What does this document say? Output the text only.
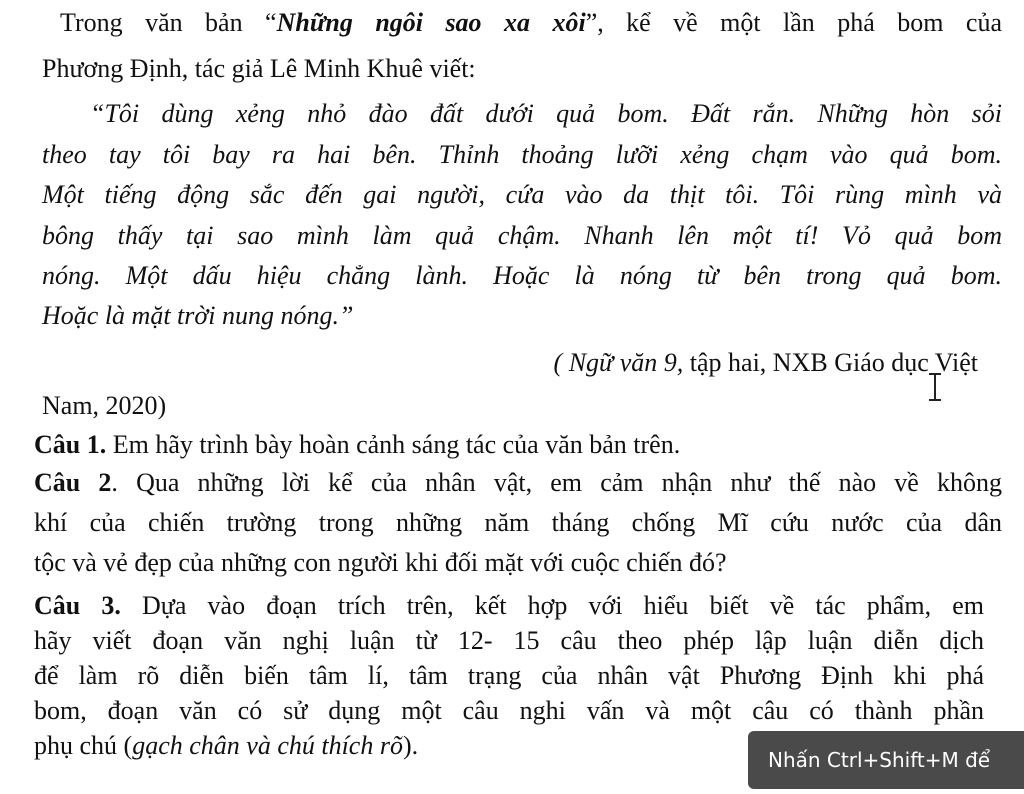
Trong văn bản “Những ngôi sao xa xôi”, kể về một lần phá bom của
Phương Định, tác giả Lê Minh Khuê viết:
“Tôi dùng xẻng nhỏ đào đất dưới quả bom. Đất rắn. Những hòn sỏi
theo tay tôi bay ra hai bên. Thỉnh thoảng lưỡi xẻng chạm vào quả bom.
Một tiếng động sắc đến gai người, cứa vào da thịt tôi. Tôi rùng mình và
bông thấy tại sao mình làm quả chậm. Nhanh lên một tí! Vỏ quả bom
nóng. Một dấu hiệu chẳng lành. Hoặc là nóng từ bên trong quả bom.
Hoặc là mặt trời nung nóng.”
( Ngữ văn 9, tập hai, NXB Giáo dục Việt
Nam, 2020)
Câu 1. Em hãy trình bày hoàn cảnh sáng tác của văn bản trên.
Câu 2. Qua những lời kể của nhân vật, em cảm nhận như thế nào về không
khí của chiến trường trong những năm tháng chống Mĩ cứu nước của dân
tộc và vẻ đẹp của những con người khi đối mặt với cuộc chiến đó?
Câu 3. Dựa vào đoạn trích trên, kết hợp với hiểu biết về tác phẩm, em
hãy viết đoạn văn nghị luận từ 12- 15 câu theo phép lập luận diễn dịch
để làm rõ diễn biến tâm lí, tâm trạng của nhân vật Phương Định khi phá
bom, đoạn văn có sử dụng một câu nghi vấn và một câu có thành phần
phụ chú (gạch chân và chú thích rõ).	Nhấn Ctrl+Shift+M để
